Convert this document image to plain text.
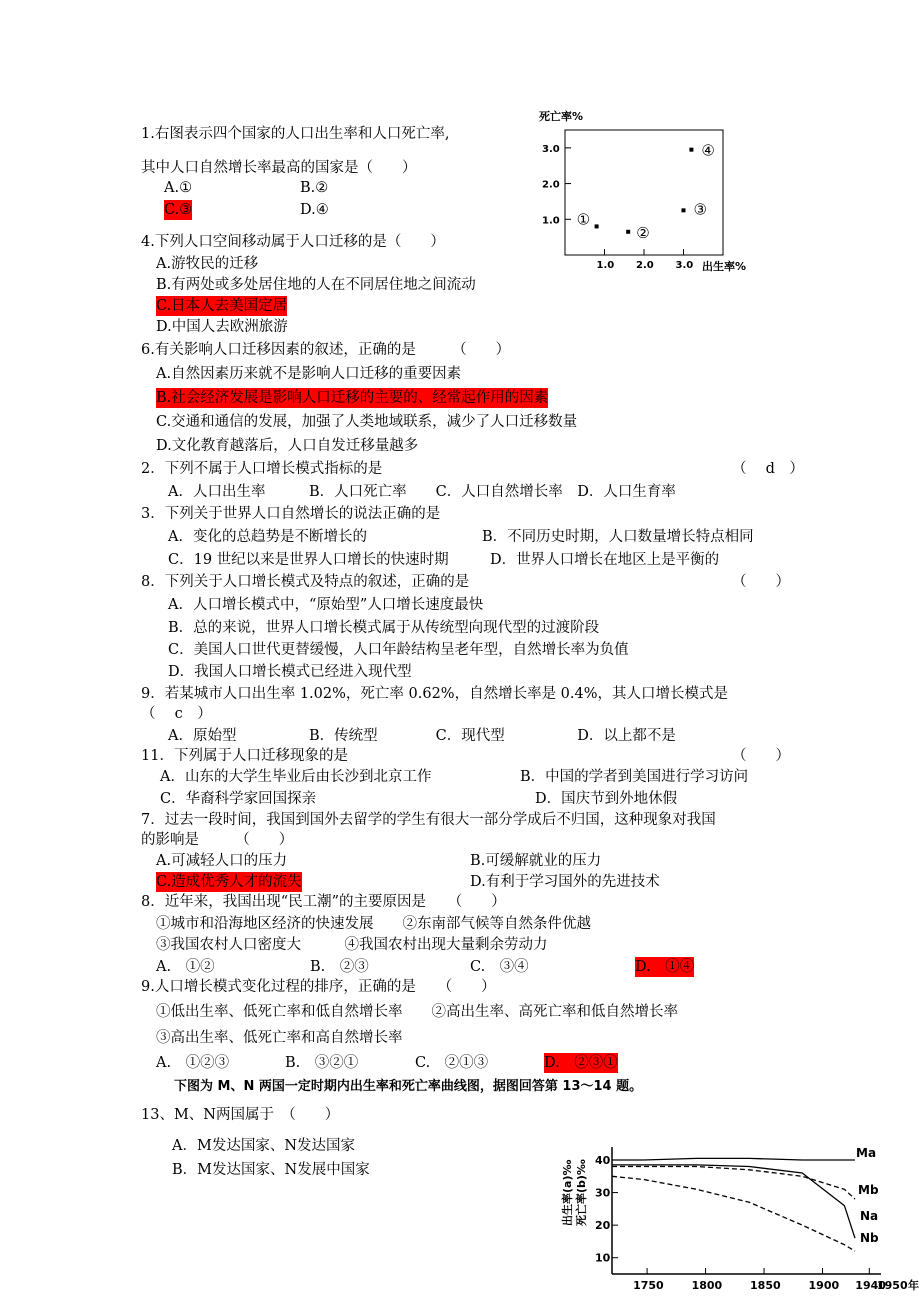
1.右图表示四个国家的人口出生率和人口死亡率,
其中人口自然增长率最高的国家是（　　）
A.①	B.②
C.③	D.④
4.下列人口空间移动属于人口迁移的是（　　）
A.游牧民的迁移
B.有两处或多处居住地的人在不同居住地之间流动
C.日本人去美国定居
D.中国人去欧洲旅游
6.有关影响人口迁移因素的叙述，正确的是　　　（　　）
A.自然因素历来就不是影响人口迁移的重要因素
B.社会经济发展是影响人口迁移的主要的、经常起作用的因素
C.交通和通信的发展，加强了人类地域联系，减少了人口迁移数量
D.文化教育越落后，人口自发迁移量越多
2．下列不属于人口增长模式指标的是	（　 d　）
A．人口出生率　　　B．人口死亡率　　C．人口自然增长率　D．人口生育率
3．下列关于世界人口自然增长的说法正确的是
A．变化的总趋势是不断增长的	B．不同历史时期，人口数量增长特点相同
C．19 世纪以来是世界人口增长的快速时期	D．世界人口增长在地区上是平衡的
8．下列关于人口增长模式及特点的叙述，正确的是	（　　）
A．人口增长模式中，“原始型”人口增长速度最快
B．总的来说，世界人口增长模式属于从传统型向现代型的过渡阶段
C．美国人口世代更替缓慢，人口年龄结构呈老年型，自然增长率为负值
D．我国人口增长模式已经进入现代型
9．若某城市人口出生率 1.02%，死亡率 0.62%，自然增长率是 0.4%，其人口增长模式是
（　 c　）
A．原始型　　　　　B．传统型　　　　C．现代型　　　　　D．以上都不是
11．下列属于人口迁移现象的是	（　　）
A．山东的大学生毕业后由长沙到北京工作	B．中国的学者到美国进行学习访问
C．华裔科学家回国探亲	D．国庆节到外地休假
7．过去一段时间，我国到国外去留学的学生有很大一部分学成后不归国，这种现象对我国
的影响是　　　（　　）
A.可减轻人口的压力	B.可缓解就业的压力
C.造成优秀人才的流失	D.有利于学习国外的先进技术
8．近年来，我国出现“民工潮”的主要原因是　　（　　）
①城市和沿海地区经济的快速发展　　②东南部气候等自然条件优越
③我国农村人口密度大　　　④我国农村出现大量剩余劳动力
A.　①②	B.　②③	C.　③④	D.　①④
9.人口增长模式变化过程的排序，正确的是　　（　　）
①低出生率、低死亡率和低自然增长率　　②高出生率、高死亡率和低自然增长率
③高出生率、低死亡率和高自然增长率
A.　①②③	B.　③②①	C.　②①③	D.　②③①
下图为 M、N 两国一定时期内出生率和死亡率曲线图，据图回答第 13～14 题。
13、M、N两国属于　（　　）
A．M发达国家、N发达国家
B．M发达国家、N发展中国家
死亡率%
3.0
2.0
1.0
1.0 2.0 3.0
①
②
③
④
出生率%
出生率(a)‰ 死亡率(b)‰ 40
30
20
10
1750	1800	1850	1900 1940
1950 年
Ma
Mb
Na
Nb
